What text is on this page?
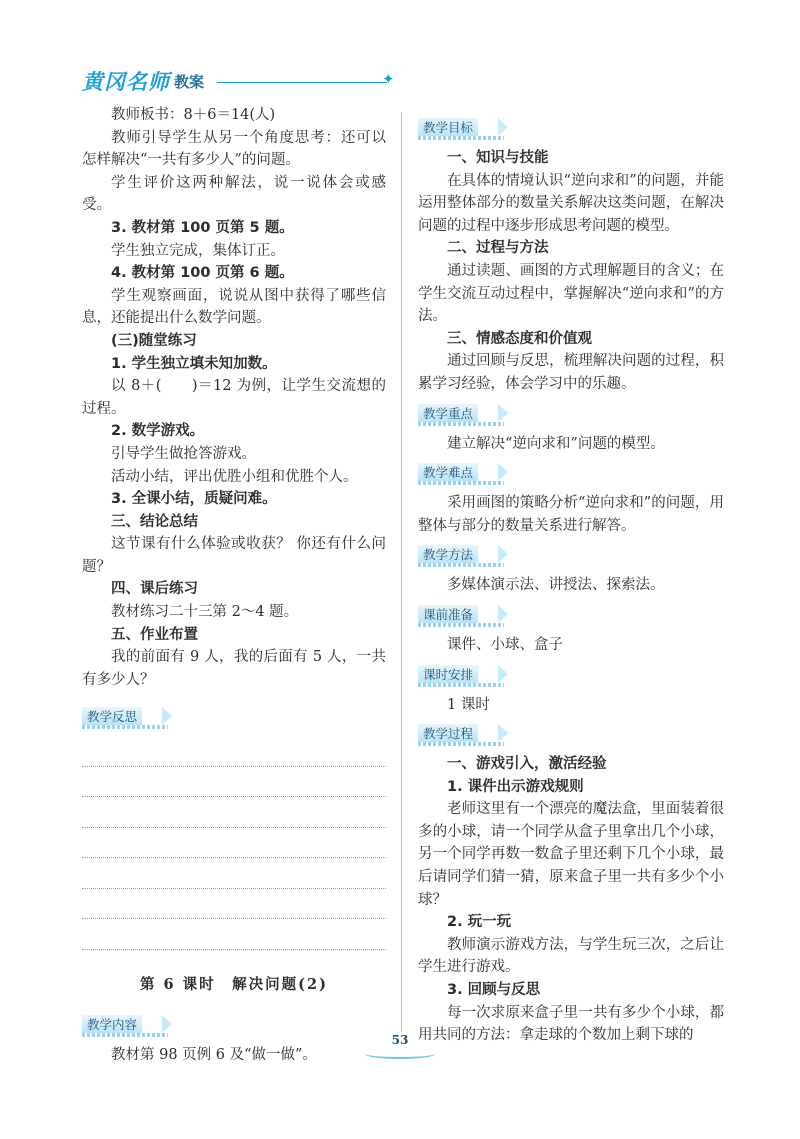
黄冈名师 教案	✦

教师板书：8＋6＝14(人)

教师引导学生从另一个角度思考：还可以怎样解决“一共有多少人”的问题。

学生评价这两种解法，说一说体会或感受。

3. 教材第 100 页第 5 题。

学生独立完成，集体订正。

4. 教材第 100 页第 6 题。

学生观察画面，说说从图中获得了哪些信息，还能提出什么数学问题。

(三)随堂练习

1. 学生独立填未知加数。

以 8＋(　　)＝12 为例，让学生交流想的过程。

2. 数学游戏。

引导学生做抢答游戏。

活动小结，评出优胜小组和优胜个人。

3. 全课小结，质疑问难。

三、结论总结

这节课有什么体验或收获？ 你还有什么问题？

四、课后练习

教材练习二十三第 2～4 题。

五、作业布置

我的前面有 9 人，我的后面有 5 人，一共有多少人？

教学反思
第 6 课时　解决问题(2)
教学内容

教材第 98 页例 6 及“做一做”。

教学目标

一、知识与技能

在具体的情境认识“逆向求和”的问题，并能运用整体部分的数量关系解决这类问题，在解决问题的过程中逐步形成思考问题的模型。

二、过程与方法

通过读题、画图的方式理解题目的含义；在学生交流互动过程中，掌握解决“逆向求和”的方法。

三、情感态度和价值观

通过回顾与反思，梳理解决问题的过程，积累学习经验，体会学习中的乐趣。

教学重点

建立解决“逆向求和”问题的模型。

教学难点

采用画图的策略分析“逆向求和”的问题，用整体与部分的数量关系进行解答。

教学方法

多媒体演示法、讲授法、探索法。

课前准备

课件、小球、盒子

课时安排

1 课时

教学过程

一、游戏引入，激活经验

1. 课件出示游戏规则

老师这里有一个漂亮的魔法盒，里面装着很多的小球，请一个同学从盒子里拿出几个小球，另一个同学再数一数盒子里还剩下几个小球，最后请同学们猜一猜，原来盒子里一共有多少个小球？

2. 玩一玩

教师演示游戏方法，与学生玩三次，之后让学生进行游戏。

3. 回顾与反思

每一次求原来盒子里一共有多少个小球，都用共同的方法：拿走球的个数加上剩下球的

53
